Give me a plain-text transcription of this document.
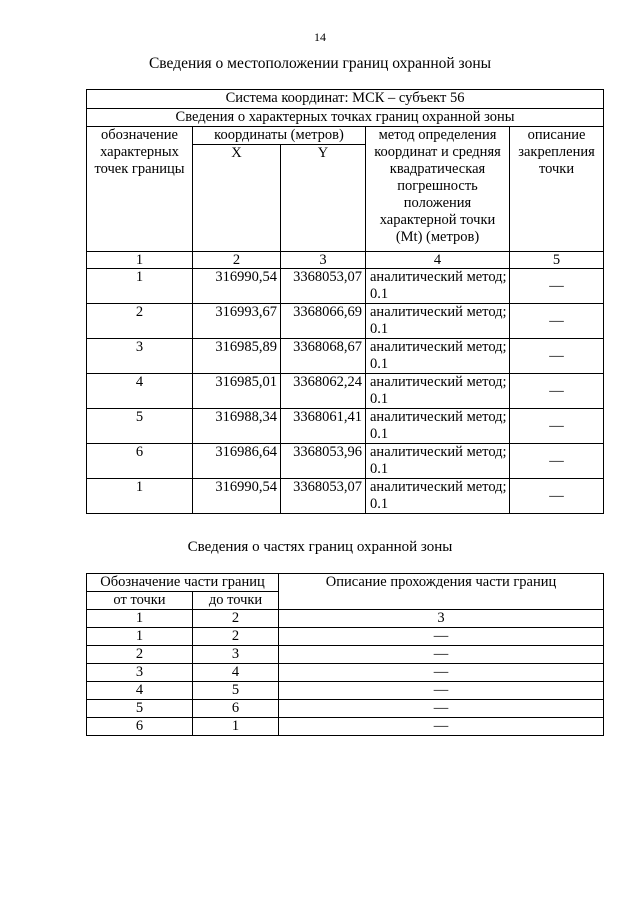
14
Сведения о местоположении границ охранной зоны
Система координат: МСК – субъект 56				
Сведения о характерных точках границ охранной зоны				
обозначение характерных точек границы	координаты (метров)		метод определения координат и средняя квадратическая погрешность положения характерной точки (Mt) (метров)	описание закрепления точки
	X	Y		
1	2	3	4	5
1	316990,54	3368053,07	аналитический метод; 0.1	—
2	316993,67	3368066,69	аналитический метод; 0.1	—
3	316985,89	3368068,67	аналитический метод; 0.1	—
4	316985,01	3368062,24	аналитический метод; 0.1	—
5	316988,34	3368061,41	аналитический метод; 0.1	—
6	316986,64	3368053,96	аналитический метод; 0.1	—
1	316990,54	3368053,07	аналитический метод; 0.1	—
Сведения о частях границ охранной зоны
Обозначение части границ		Описание прохождения части границ
от точки	до точки	
1	2	3
1	2	—
2	3	—
3	4	—
4	5	—
5	6	—
6	1	—
